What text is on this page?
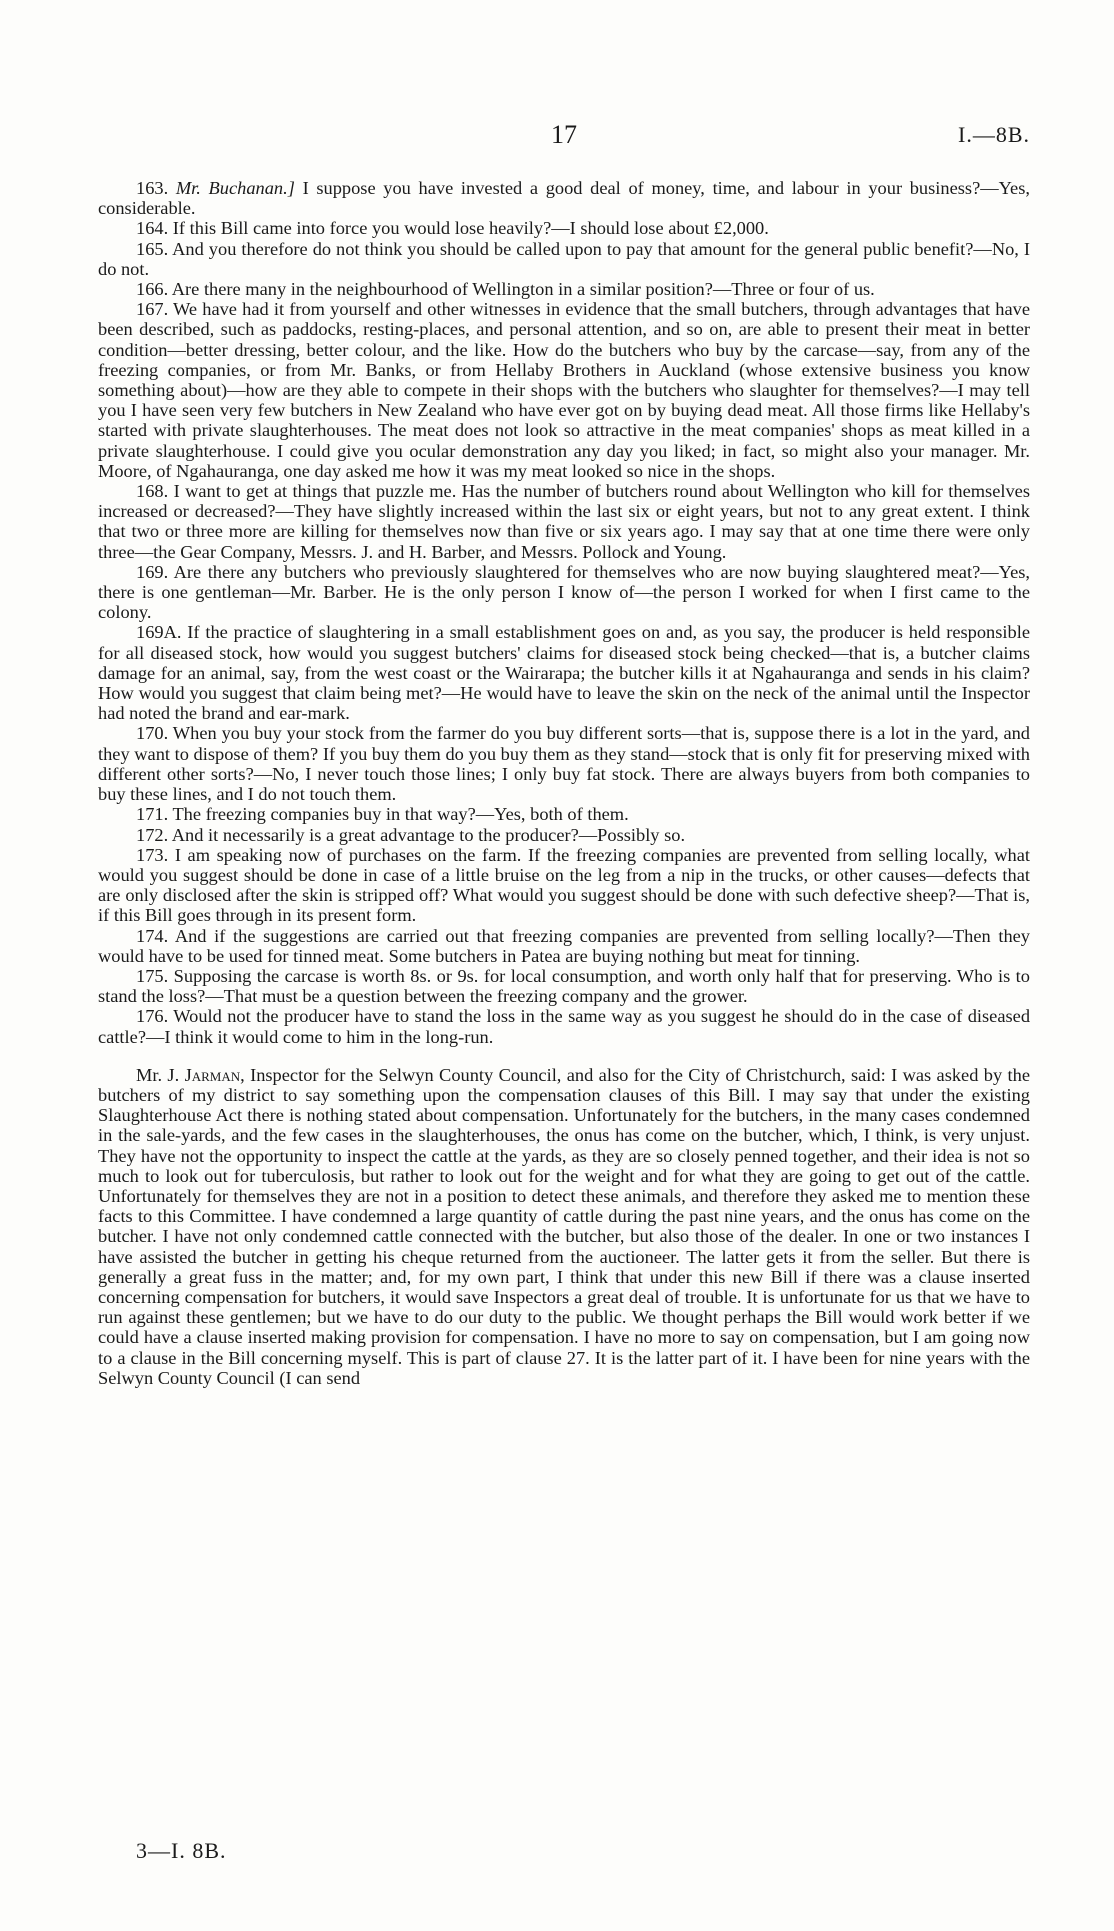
17	I.—8B.

163. Mr. Buchanan.] I suppose you have invested a good deal of money, time, and labour in your business?—Yes, considerable.

164. If this Bill came into force you would lose heavily?—I should lose about £2,000.

165. And you therefore do not think you should be called upon to pay that amount for the general public benefit?—No, I do not.

166. Are there many in the neighbourhood of Wellington in a similar position?—Three or four of us.

167. We have had it from yourself and other witnesses in evidence that the small butchers, through advantages that have been described, such as paddocks, resting-places, and personal attention, and so on, are able to present their meat in better condition—better dressing, better colour, and the like. How do the butchers who buy by the carcase—say, from any of the freezing companies, or from Mr. Banks, or from Hellaby Brothers in Auckland (whose extensive business you know something about)—how are they able to compete in their shops with the butchers who slaughter for themselves?—I may tell you I have seen very few butchers in New Zealand who have ever got on by buying dead meat. All those firms like Hellaby's started with private slaughterhouses. The meat does not look so attractive in the meat companies' shops as meat killed in a private slaughterhouse. I could give you ocular demonstration any day you liked; in fact, so might also your manager. Mr. Moore, of Ngahauranga, one day asked me how it was my meat looked so nice in the shops.

168. I want to get at things that puzzle me. Has the number of butchers round about Wellington who kill for themselves increased or decreased?—They have slightly increased within the last six or eight years, but not to any great extent. I think that two or three more are killing for themselves now than five or six years ago. I may say that at one time there were only three—the Gear Company, Messrs. J. and H. Barber, and Messrs. Pollock and Young.

169. Are there any butchers who previously slaughtered for themselves who are now buying slaughtered meat?—Yes, there is one gentleman—Mr. Barber. He is the only person I know of—the person I worked for when I first came to the colony.

169A. If the practice of slaughtering in a small establishment goes on and, as you say, the producer is held responsible for all diseased stock, how would you suggest butchers' claims for diseased stock being checked—that is, a butcher claims damage for an animal, say, from the west coast or the Wairarapa; the butcher kills it at Ngahauranga and sends in his claim? How would you suggest that claim being met?—He would have to leave the skin on the neck of the animal until the Inspector had noted the brand and ear-mark.

170. When you buy your stock from the farmer do you buy different sorts—that is, suppose there is a lot in the yard, and they want to dispose of them? If you buy them do you buy them as they stand—stock that is only fit for preserving mixed with different other sorts?—No, I never touch those lines; I only buy fat stock. There are always buyers from both companies to buy these lines, and I do not touch them.

171. The freezing companies buy in that way?—Yes, both of them.

172. And it necessarily is a great advantage to the producer?—Possibly so.

173. I am speaking now of purchases on the farm. If the freezing companies are prevented from selling locally, what would you suggest should be done in case of a little bruise on the leg from a nip in the trucks, or other causes—defects that are only disclosed after the skin is stripped off? What would you suggest should be done with such defective sheep?—That is, if this Bill goes through in its present form.

174. And if the suggestions are carried out that freezing companies are prevented from selling locally?—Then they would have to be used for tinned meat. Some butchers in Patea are buying nothing but meat for tinning.

175. Supposing the carcase is worth 8s. or 9s. for local consumption, and worth only half that for preserving. Who is to stand the loss?—That must be a question between the freezing company and the grower.

176. Would not the producer have to stand the loss in the same way as you suggest he should do in the case of diseased cattle?—I think it would come to him in the long-run.

Mr. J. Jarman, Inspector for the Selwyn County Council, and also for the City of Christchurch, said: I was asked by the butchers of my district to say something upon the compensation clauses of this Bill. I may say that under the existing Slaughterhouse Act there is nothing stated about compensation. Unfortunately for the butchers, in the many cases condemned in the sale-yards, and the few cases in the slaughterhouses, the onus has come on the butcher, which, I think, is very unjust. They have not the opportunity to inspect the cattle at the yards, as they are so closely penned together, and their idea is not so much to look out for tuberculosis, but rather to look out for the weight and for what they are going to get out of the cattle. Unfortunately for themselves they are not in a position to detect these animals, and therefore they asked me to mention these facts to this Committee. I have condemned a large quantity of cattle during the past nine years, and the onus has come on the butcher. I have not only condemned cattle connected with the butcher, but also those of the dealer. In one or two instances I have assisted the butcher in getting his cheque returned from the auctioneer. The latter gets it from the seller. But there is generally a great fuss in the matter; and, for my own part, I think that under this new Bill if there was a clause inserted concerning compensation for butchers, it would save Inspectors a great deal of trouble. It is unfortunate for us that we have to run against these gentlemen; but we have to do our duty to the public. We thought perhaps the Bill would work better if we could have a clause inserted making provision for compensation. I have no more to say on compensation, but I am going now to a clause in the Bill concerning myself. This is part of clause 27. It is the latter part of it. I have been for nine years with the Selwyn County Council (I can send

3—I. 8B.
